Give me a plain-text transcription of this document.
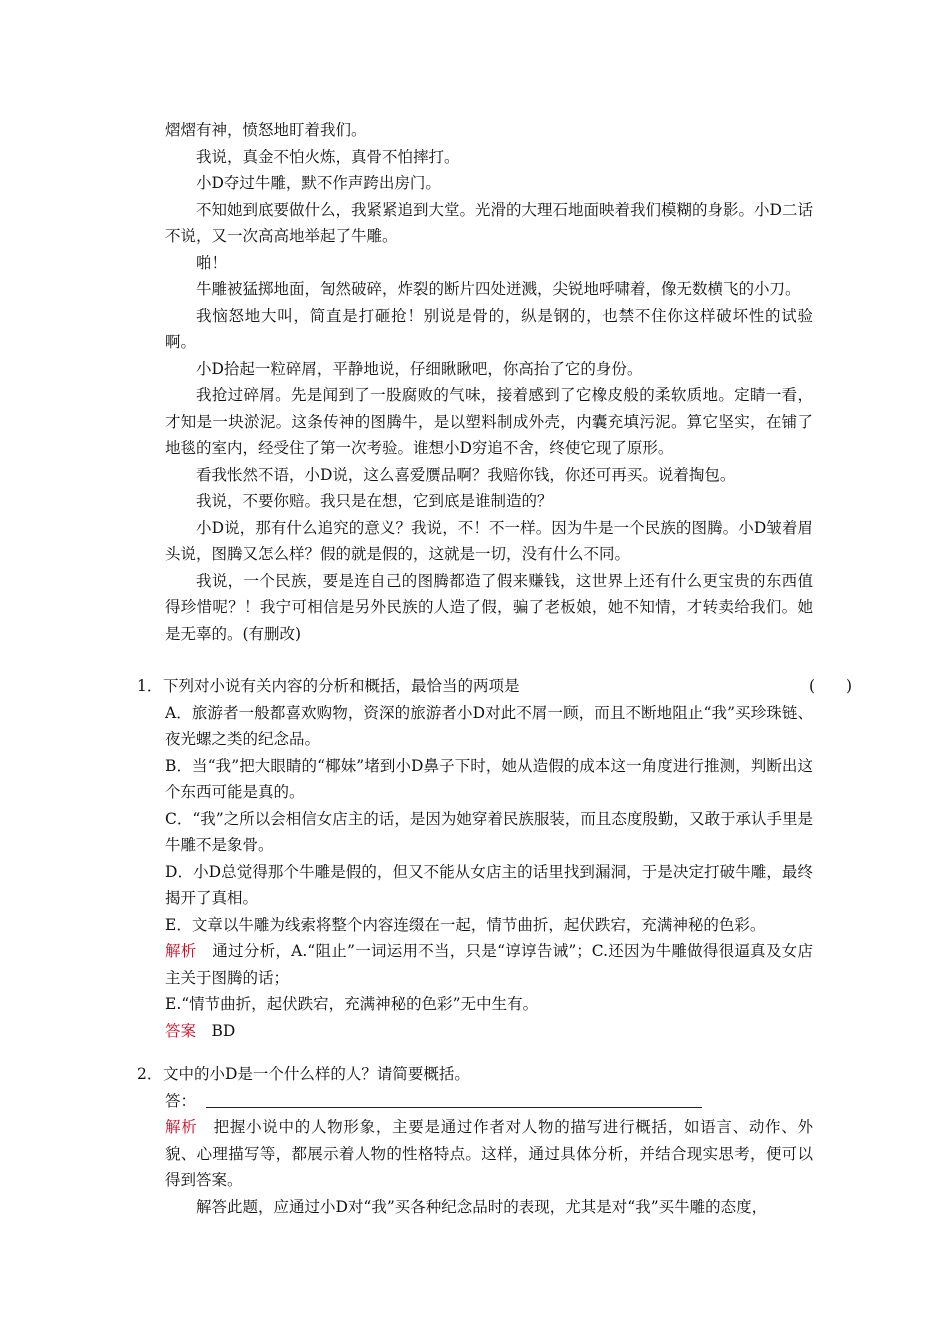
熠熠有神，愤怒地盯着我们。
我说，真金不怕火炼，真骨不怕摔打。
小D夺过牛雕，默不作声跨出房门。
不知她到底要做什么，我紧紧追到大堂。光滑的大理石地面映着我们模糊的身影。小D二话不说，又一次高高地举起了牛雕。
啪！
牛雕被猛掷地面，訇然破碎，炸裂的断片四处迸溅，尖锐地呼啸着，像无数横飞的小刀。
我恼怒地大叫，简直是打砸抢！别说是骨的，纵是钢的，也禁不住你这样破坏性的试验啊。
小D拾起一粒碎屑，平静地说，仔细瞅瞅吧，你高抬了它的身份。
我抢过碎屑。先是闻到了一股腐败的气味，接着感到了它橡皮般的柔软质地。定睛一看，才知是一块淤泥。这条传神的图腾牛，是以塑料制成外壳，内囊充填污泥。算它坚实，在铺了地毯的室内，经受住了第一次考验。谁想小D穷追不舍，终使它现了原形。
看我怅然不语，小D说，这么喜爱赝品啊？我赔你钱，你还可再买。说着掏包。
我说，不要你赔。我只是在想，它到底是谁制造的？
小D说，那有什么追究的意义？我说，不！不一样。因为牛是一个民族的图腾。小D皱着眉头说，图腾又怎么样？假的就是假的，这就是一切，没有什么不同。
我说，一个民族，要是连自己的图腾都造了假来赚钱，这世界上还有什么更宝贵的东西值得珍惜呢？！我宁可相信是另外民族的人造了假，骗了老板娘，她不知情，才转卖给我们。她是无辜的。(有删改)
1．下列对小说有关内容的分析和概括，最恰当的两项是	(　　)
A．旅游者一般都喜欢购物，资深的旅游者小D对此不屑一顾，而且不断地阻止“我”买珍珠链、夜光螺之类的纪念品。
B．当“我”把大眼睛的“椰妹”堵到小D鼻子下时，她从造假的成本这一角度进行推测，判断出这个东西可能是真的。
C．“我”之所以会相信女店主的话，是因为她穿着民族服装，而且态度殷勤，又敢于承认手里是牛雕不是象骨。
D．小D总觉得那个牛雕是假的，但又不能从女店主的话里找到漏洞，于是决定打破牛雕，最终揭开了真相。
E．文章以牛雕为线索将整个内容连缀在一起，情节曲折，起伏跌宕，充满神秘的色彩。
解析　通过分析，A.“阻止”一词运用不当，只是“谆谆告诫”；C.还因为牛雕做得很逼真及女店主关于图腾的话；
E.“情节曲折，起伏跌宕，充满神秘的色彩”无中生有。
答案　BD
2．文中的小D是一个什么样的人？请简要概括。
答：
解析　把握小说中的人物形象，主要是通过作者对人物的描写进行概括，如语言、动作、外貌、心理描写等，都展示着人物的性格特点。这样，通过具体分析，并结合现实思考，便可以得到答案。
解答此题，应通过小D对“我”买各种纪念品时的表现，尤其是对“我”买牛雕的态度，
